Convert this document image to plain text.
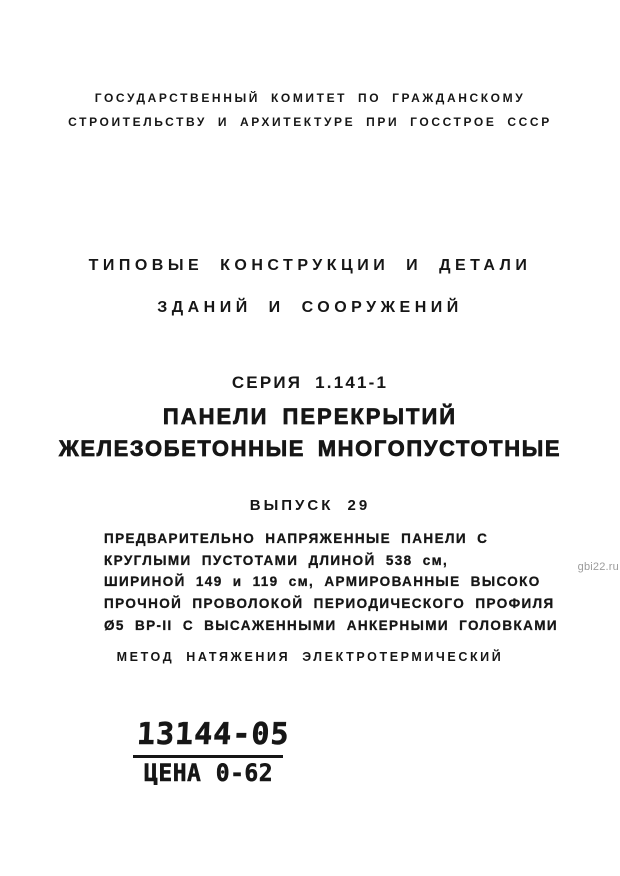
ГОСУДАРСТВЕННЫЙ КОМИТЕТ ПО ГРАЖДАНСКОМУ
СТРОИТЕЛЬСТВУ И АРХИТЕКТУРЕ ПРИ ГОССТРОЕ СССР
ТИПОВЫЕ КОНСТРУКЦИИ И ДЕТАЛИ
ЗДАНИЙ И СООРУЖЕНИЙ
СЕРИЯ 1.141-1
ПАНЕЛИ ПЕРЕКРЫТИЙ
ЖЕЛЕЗОБЕТОННЫЕ МНОГОПУСТОТНЫЕ
ВЫПУСК 29
ПРЕДВАРИТЕЛЬНО НАПРЯЖЕННЫЕ ПАНЕЛИ С
КРУГЛЫМИ ПУСТОТАМИ ДЛИНОЙ 538 см,
ШИРИНОЙ 149 и 119 см, АРМИРОВАННЫЕ ВЫСОКО
ПРОЧНОЙ ПРОВОЛОКОЙ ПЕРИОДИЧЕСКОГО ПРОФИЛЯ
Ø5 ВР-II С ВЫСАЖЕННЫМИ АНКЕРНЫМИ ГОЛОВКАМИ
МЕТОД НАТЯЖЕНИЯ ЭЛЕКТРОТЕРМИЧЕСКИЙ
13144-05
ЦЕНА 0-62
gbi22.ru
